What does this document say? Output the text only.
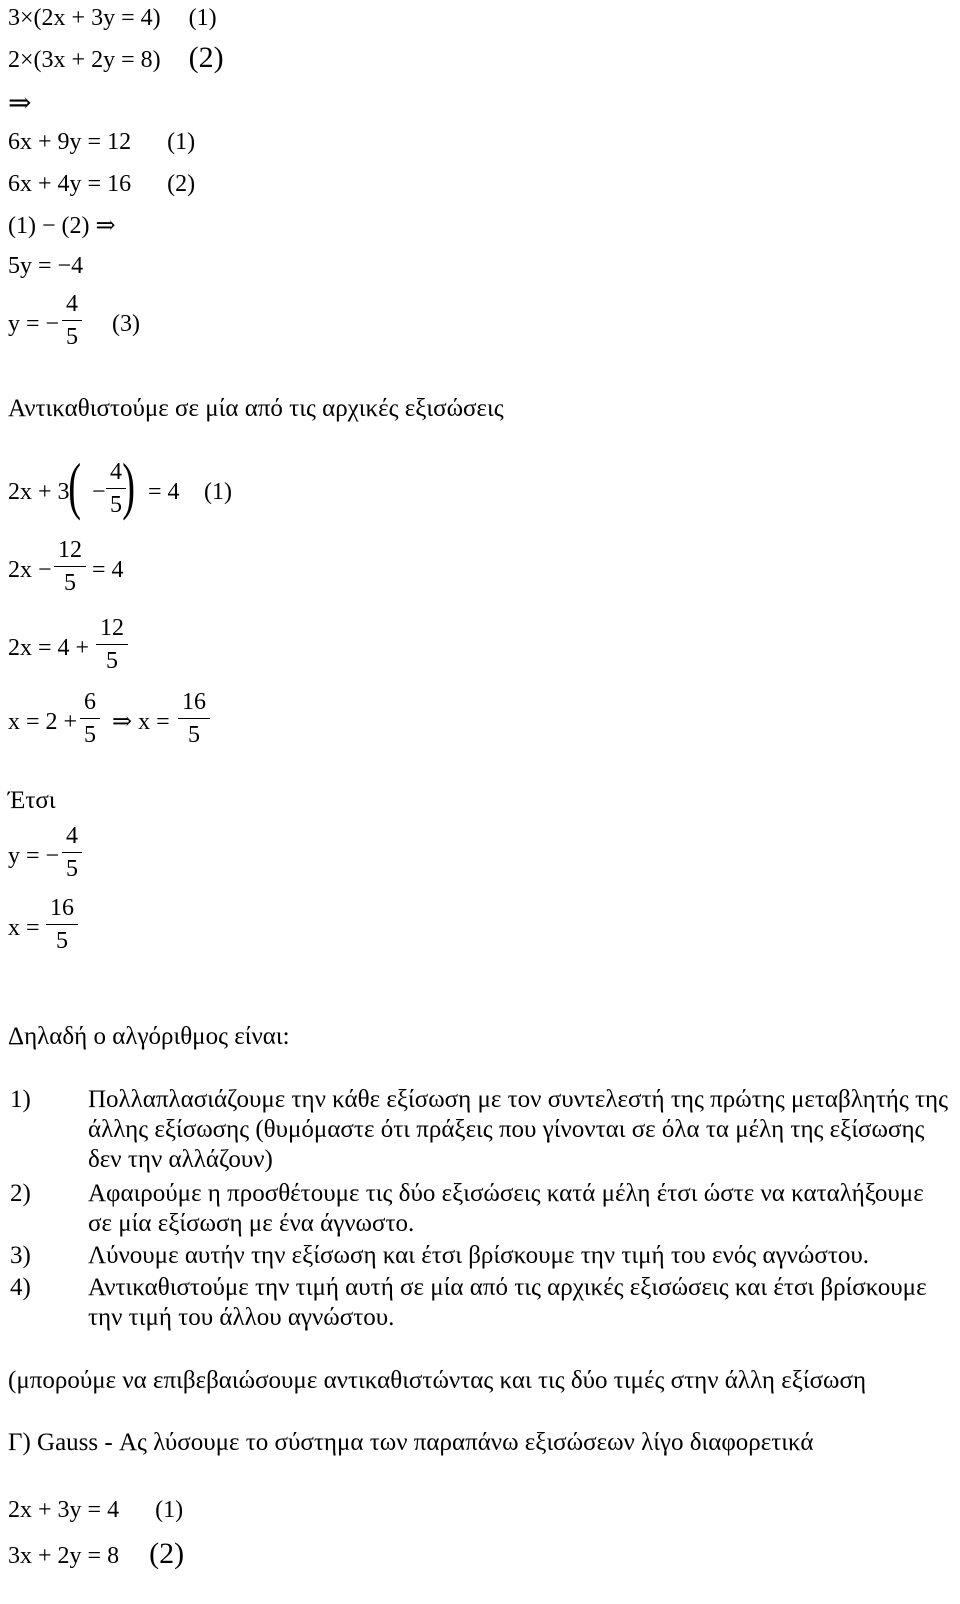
3×(2x + 3y = 4) (1)
2×(3x + 2y = 8) (2)
⇒
6x + 9y = 12 (1)
6x + 4y = 16 (2)
(1) − (2) ⇒
5y = −4
y = −
4
5 (3)
Αντικαθιστούμε σε μία από τις αρχικές εξισώσεις
2x + 3
( −
4
5 ) = 4 (1)
2x −
12
5 = 4
2x = 4 +
12
5
x = 2 +
6
5 ⇒ x =
16
5
Έτσι
y = −
4
5
x =
16
5
Δηλαδή ο αλγόριθμος είναι:
1) Πολλαπλασιάζουμε την κάθε εξίσωση με τον συντελεστή της πρώτης μεταβλητής της άλλης εξίσωσης (θυμόμαστε ότι πράξεις που γίνονται σε όλα τα μέλη της εξίσωσης δεν την αλλάζουν)
2) Αφαιρούμε η προσθέτουμε τις δύο εξισώσεις κατά μέλη έτσι ώστε να καταλήξουμε σε μία εξίσωση με ένα άγνωστο.
3) Λύνουμε αυτήν την εξίσωση και έτσι βρίσκουμε την τιμή του ενός αγνώστου.
4) Αντικαθιστούμε την τιμή αυτή σε μία από τις αρχικές εξισώσεις και έτσι βρίσκουμε την τιμή του άλλου αγνώστου.
(μπορούμε να επιβεβαιώσουμε αντικαθιστώντας και τις δύο τιμές στην άλλη εξίσωση
Γ) Gauss - Ας λύσουμε το σύστημα των παραπάνω εξισώσεων λίγο διαφορετικά
2x + 3y = 4 (1)
3x + 2y = 8 (2)
